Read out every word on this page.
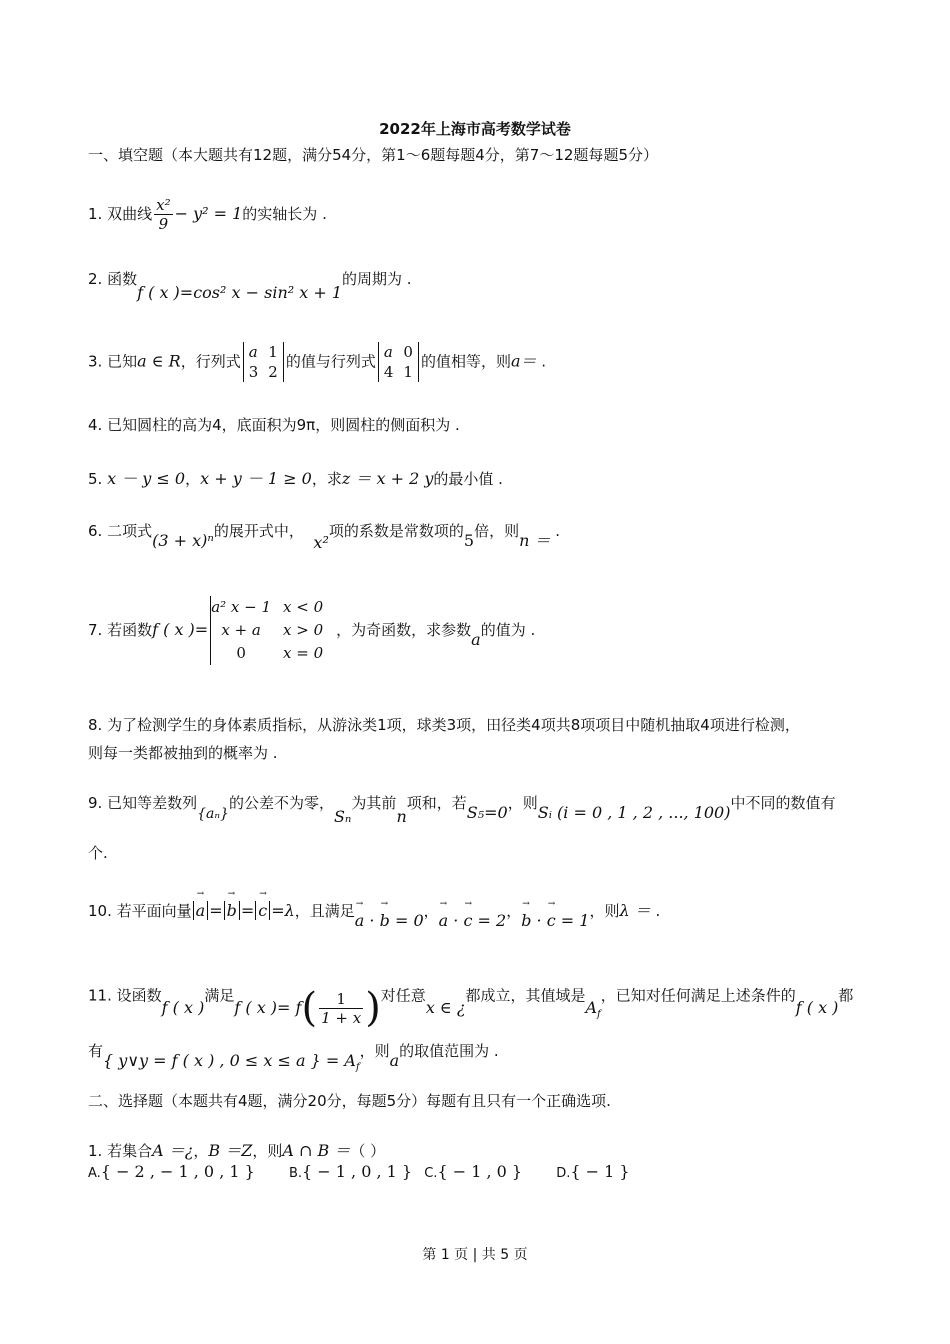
2022年上海市高考数学试卷
一、填空题（本大题共有12题，满分54分，第1～6题每题4分，第7～12题每题5分）
1. 双曲线 $\frac{\text{x²}}{9} - y^2 = 1$的实轴长为 .
2. 函数f ( x )=cos² x − sin² x + 1的周期为 .
3. 已知a ∈ R，行列式a	1
3	2的值与行列式a	0
4	1的值相等，则a＝ .
4. 已知圆柱的高为4，底面积为9π，则圆柱的侧面积为 .
5. x － y ≤ 0，x + y － 1 ≥ 0，求z ＝ x + 2 y的最小值 .
6. 二项式(3 + x)ⁿ的展开式中，  x²项的系数是常数项的5倍，则n ＝ .
7. 若函数f ( x )=a² x − 1	x < 0
x + a	x > 0
0	x = 0，为奇函数，求参数a的值为 .
8. 为了检测学生的身体素质指标，从游泳类1项，球类3项，田径类4项共8项项目中随机抽取4项进行检测，
则每一类都被抽到的概率为 .
9. 已知等差数列{aₙ}的公差不为零，Sₙ为其前n项和，若S₅=0，则Sᵢ (i = 0 , 1 , 2 , ..., 100)中不同的数值有
个.
10. 若平面向量 → a = → b = → c =λ，且满足→ a · → b = 0，→ a · → c = 2，→ b · → c = 1，则λ ＝ .
11. 设函数f ( x )满足f ( x )= $f( \frac{1}{1 + x}$ )对任意x ∈ ¿都成立，其值域是$A_f$，已知对任何满足上述条件的f ( x )都
有{ y∨y = f ( x ) , 0 ≤ x ≤ a } = $A_f$，则a的取值范围为 .
二、选择题（本题共有4题，满分20分，每题5分）每题有且只有一个正确选项.
1. 若集合A ＝¿，B ＝Z，则A ∩ B ＝（ ）
A.{ − 2 , − 1 , 0 , 1 }	B.{ − 1 , 0 , 1 } C.{ − 1 , 0 }	D.{ − 1 }
第 1 页 | 共 5 页
